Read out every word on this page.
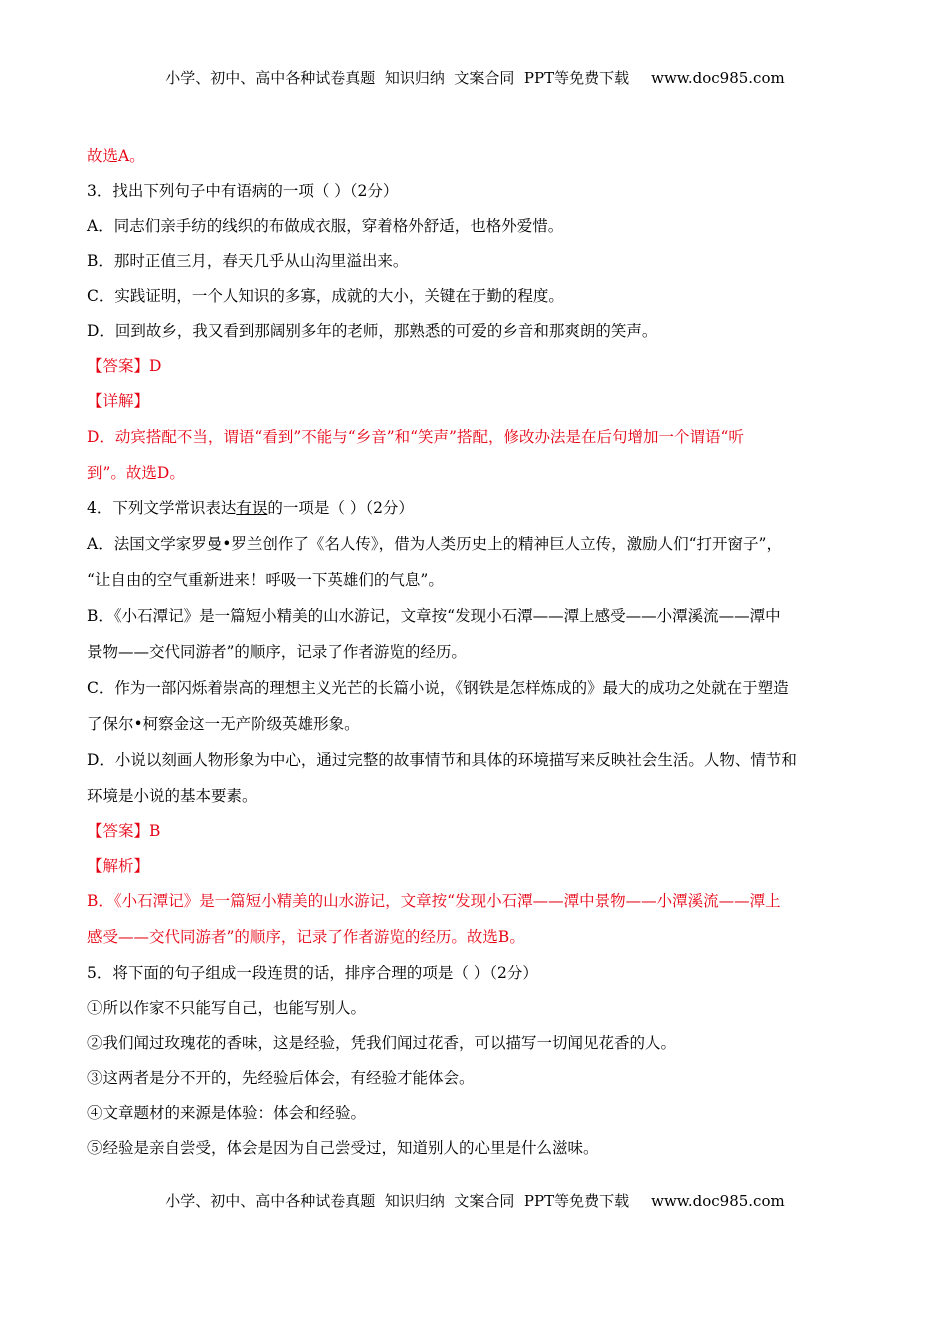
小学、初中、高中各种试卷真题  知识归纳  文案合同  PPT等免费下载 www.doc985.com
故选A。
3．找出下列句子中有语病的一项（ ）（2分）
A．同志们亲手纺的线织的布做成衣服，穿着格外舒适，也格外爱惜。
B．那时正值三月，春天几乎从山沟里溢出来。
C．实践证明，一个人知识的多寡，成就的大小，关键在于勤的程度。
D．回到故乡，我又看到那阔别多年的老师，那熟悉的可爱的乡音和那爽朗的笑声。
【答案】D
【详解】
D．动宾搭配不当，谓语“看到”不能与“乡音”和“笑声”搭配，修改办法是在后句增加一个谓语“听
到”。故选D。
4．下列文学常识表达有误的一项是（ ）（2分）
A．法国文学家罗曼•罗兰创作了《名人传》，借为人类历史上的精神巨人立传，激励人们“打开窗子”，
“让自由的空气重新进来！呼吸一下英雄们的气息”。
B．《小石潭记》是一篇短小精美的山水游记，文章按“发现小石潭——潭上感受——小潭溪流——潭中
景物——交代同游者”的顺序，记录了作者游览的经历。
C．作为一部闪烁着崇高的理想主义光芒的长篇小说，《钢铁是怎样炼成的》最大的成功之处就在于塑造
了保尔•柯察金这一无产阶级英雄形象。
D．小说以刻画人物形象为中心，通过完整的故事情节和具体的环境描写来反映社会生活。人物、情节和
环境是小说的基本要素。
【答案】B
【解析】
B．《小石潭记》是一篇短小精美的山水游记，文章按“发现小石潭——潭中景物——小潭溪流——潭上
感受——交代同游者”的顺序，记录了作者游览的经历。故选B。
5．将下面的句子组成一段连贯的话，排序合理的项是（ ）（2分）
①所以作家不只能写自己，也能写别人。
②我们闻过玫瑰花的香味，这是经验，凭我们闻过花香，可以描写一切闻见花香的人。
③这两者是分不开的，先经验后体会，有经验才能体会。
④文章题材的来源是体验：体会和经验。
⑤经验是亲自尝受，体会是因为自己尝受过，知道别人的心里是什么滋味。
小学、初中、高中各种试卷真题  知识归纳  文案合同  PPT等免费下载 www.doc985.com
